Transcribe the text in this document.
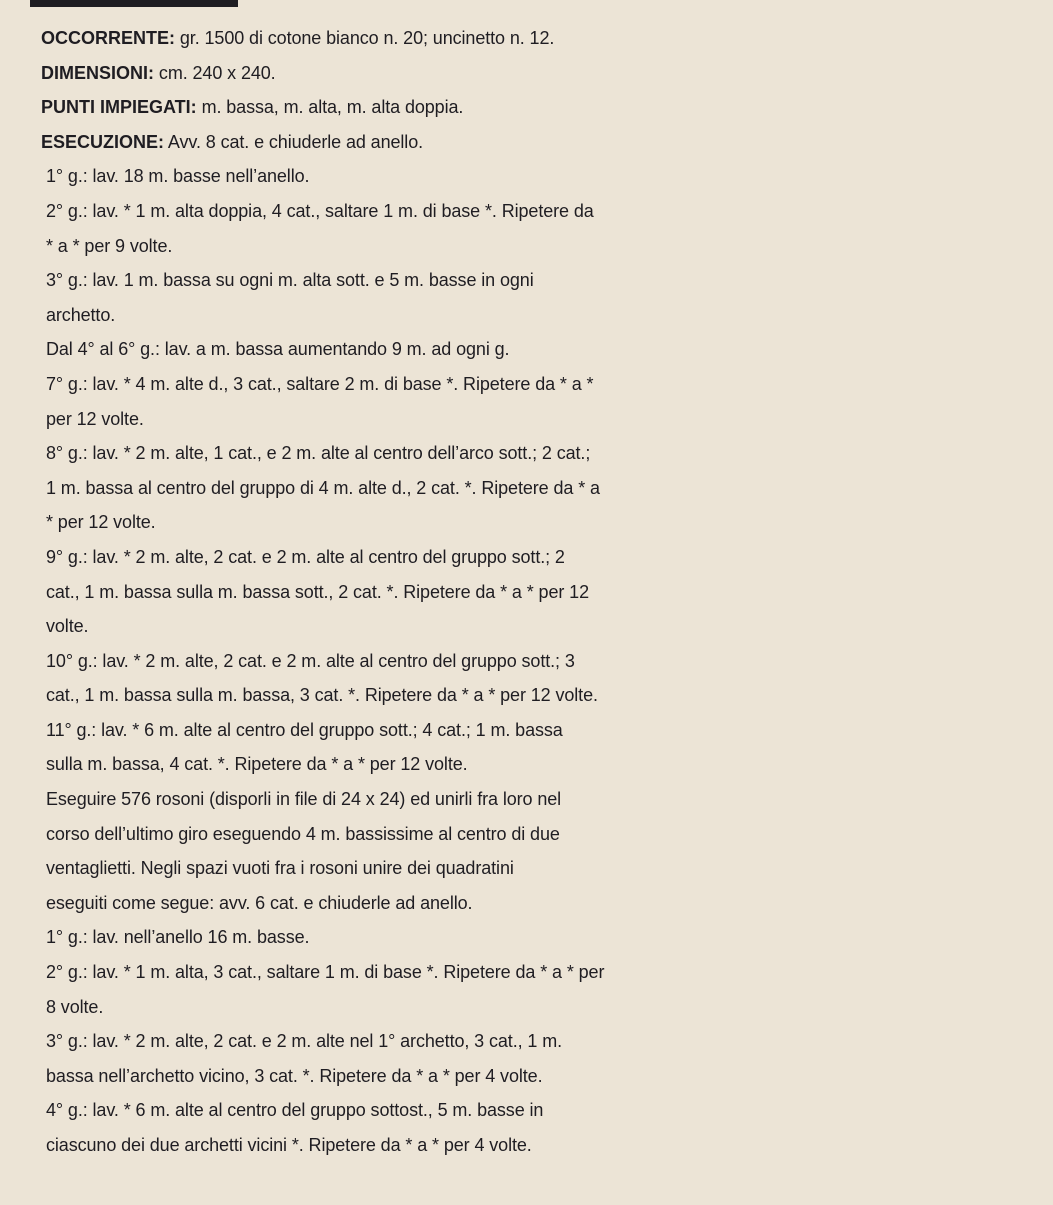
OCCORRENTE: gr. 1500 di cotone bianco n. 20; uncinetto n. 12.
DIMENSIONI: cm. 240 x 240.
PUNTI IMPIEGATI: m. bassa, m. alta, m. alta doppia.
ESECUZIONE: Avv. 8 cat. e chiuderle ad anello.
1° g.: lav. 18 m. basse nell’anello.
2° g.: lav. * 1 m. alta doppia, 4 cat., saltare 1 m. di base *. Ripetere da
* a * per 9 volte.
3° g.: lav. 1 m. bassa su ogni m. alta sott. e 5 m. basse in ogni
archetto.
Dal 4° al 6° g.: lav. a m. bassa aumentando 9 m. ad ogni g.
7° g.: lav. * 4 m. alte d., 3 cat., saltare 2 m. di base *. Ripetere da * a *
per 12 volte.
8° g.: lav. * 2 m. alte, 1 cat., e 2 m. alte al centro dell’arco sott.; 2 cat.;
1 m. bassa al centro del gruppo di 4 m. alte d., 2 cat. *. Ripetere da * a
* per 12 volte.
9° g.: lav. * 2 m. alte, 2 cat. e 2 m. alte al centro del gruppo sott.; 2
cat., 1 m. bassa sulla m. bassa sott., 2 cat. *. Ripetere da * a * per 12
volte.
10° g.: lav. * 2 m. alte, 2 cat. e 2 m. alte al centro del gruppo sott.; 3
cat., 1 m. bassa sulla m. bassa, 3 cat. *. Ripetere da * a * per 12 volte.
11° g.: lav. * 6 m. alte al centro del gruppo sott.; 4 cat.; 1 m. bassa
sulla m. bassa, 4 cat. *. Ripetere da * a * per 12 volte.
Eseguire 576 rosoni (disporli in file di 24 x 24) ed unirli fra loro nel
corso dell’ultimo giro eseguendo 4 m. bassissime al centro di due
ventaglietti. Negli spazi vuoti fra i rosoni unire dei quadratini
eseguiti come segue: avv. 6 cat. e chiuderle ad anello.
1° g.: lav. nell’anello 16 m. basse.
2° g.: lav. * 1 m. alta, 3 cat., saltare 1 m. di base *. Ripetere da * a * per
8 volte.
3° g.: lav. * 2 m. alte, 2 cat. e 2 m. alte nel 1° archetto, 3 cat., 1 m.
bassa nell’archetto vicino, 3 cat. *. Ripetere da * a * per 4 volte.
4° g.: lav. * 6 m. alte al centro del gruppo sottost., 5 m. basse in
ciascuno dei due archetti vicini *. Ripetere da * a * per 4 volte.
